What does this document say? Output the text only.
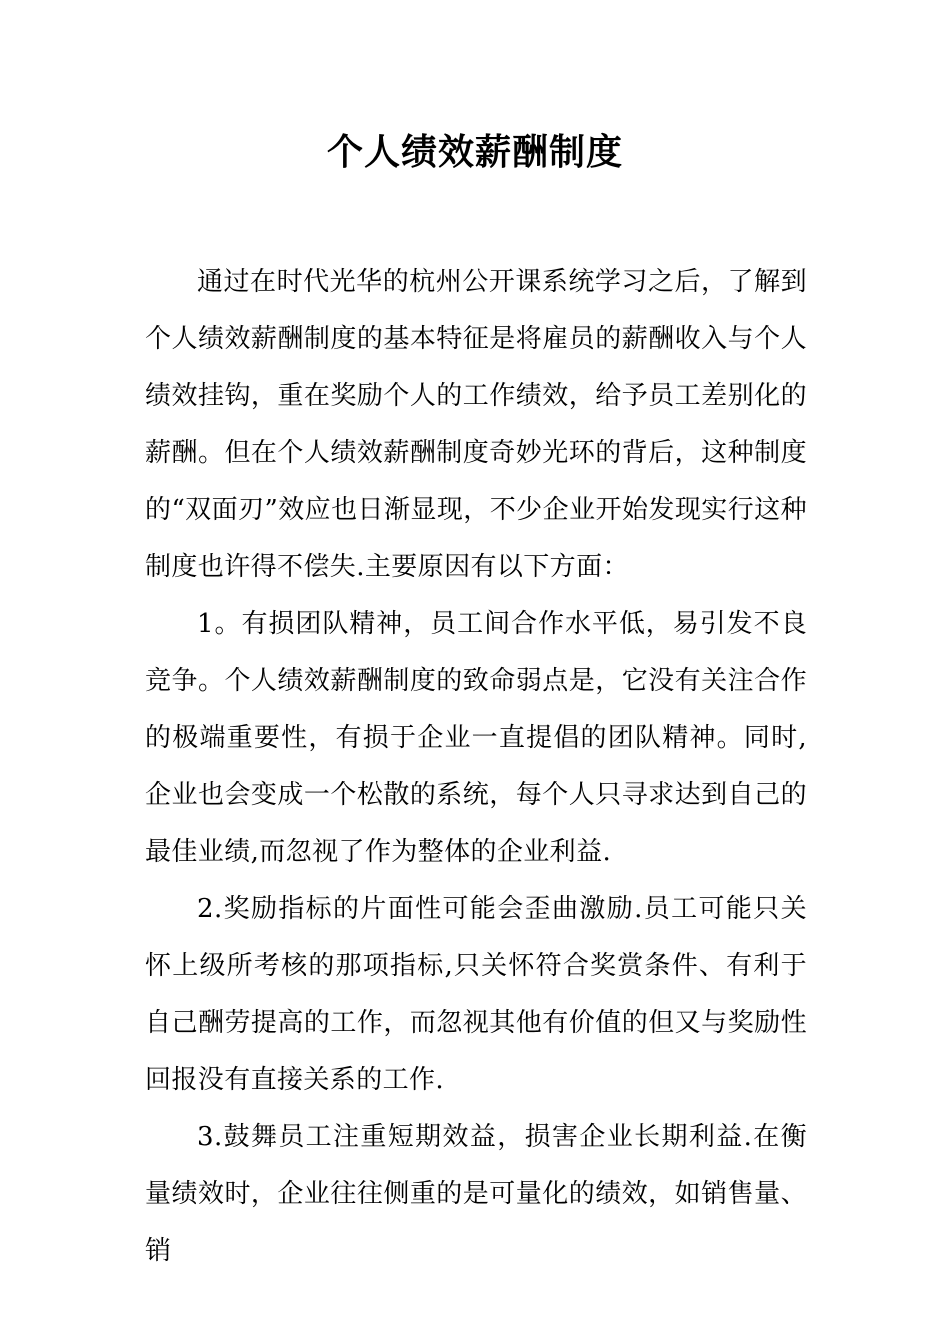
个人绩效薪酬制度

通过在时代光华的杭州公开课系统学习之后，了解到个人绩效薪酬制度的基本特征是将雇员的薪酬收入与个人绩效挂钩，重在奖励个人的工作绩效，给予员工差别化的薪酬。但在个人绩效薪酬制度奇妙光环的背后，这种制度的“双面刃”效应也日渐显现，不少企业开始发现实行这种制度也许得不偿失.主要原因有以下方面：

1。有损团队精神，员工间合作水平低，易引发不良竞争。个人绩效薪酬制度的致命弱点是，它没有关注合作的极端重要性，有损于企业一直提倡的团队精神。同时,企业也会变成一个松散的系统，每个人只寻求达到自己的最佳业绩,而忽视了作为整体的企业利益.

2.奖励指标的片面性可能会歪曲激励.员工可能只关怀上级所考核的那项指标,只关怀符合奖赏条件、有利于自己酬劳提高的工作，而忽视其他有价值的但又与奖励性回报没有直接关系的工作.

3.鼓舞员工注重短期效益，损害企业长期利益.在衡量绩效时，企业往往侧重的是可量化的绩效，如销售量、销
